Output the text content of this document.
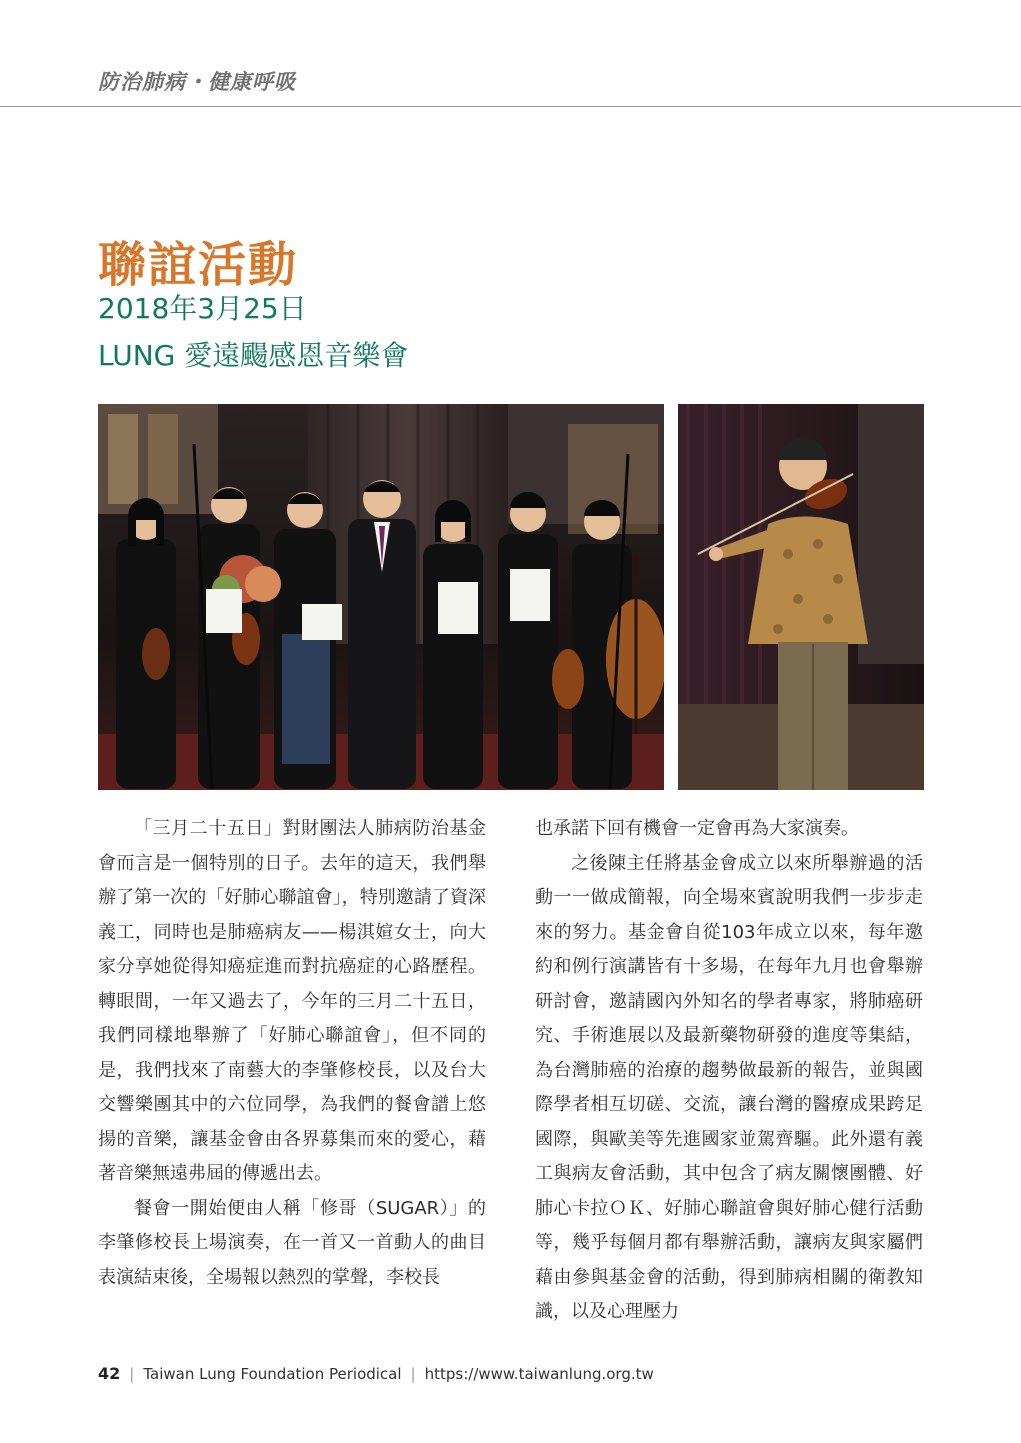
防治肺病・健康呼吸
聯誼活動
2018年3月25日
LUNG 愛遠颺感恩音樂會

「三月二十五日」對財團法人肺病防治基金會而言是一個特別的日子。去年的這天，我們舉辦了第一次的「好肺心聯誼會」，特別邀請了資深義工，同時也是肺癌病友——楊淇媗女士，向大家分享她從得知癌症進而對抗癌症的心路歷程。轉眼間，一年又過去了，今年的三月二十五日，我們同樣地舉辦了「好肺心聯誼會」，但不同的是，我們找來了南藝大的李肇修校長，以及台大交響樂團其中的六位同學，為我們的餐會譜上悠揚的音樂，讓基金會由各界募集而來的愛心，藉著音樂無遠弗屆的傳遞出去。

餐會一開始便由人稱「修哥（SUGAR）」的李肇修校長上場演奏，在一首又一首動人的曲目表演結束後，全場報以熱烈的掌聲，李校長

也承諾下回有機會一定會再為大家演奏。

之後陳主任將基金會成立以來所舉辦過的活動一一做成簡報，向全場來賓說明我們一步步走來的努力。基金會自從103年成立以來，每年邀約和例行演講皆有十多場，在每年九月也會舉辦研討會，邀請國內外知名的學者專家，將肺癌研究、手術進展以及最新藥物研發的進度等集結，為台灣肺癌的治療的趨勢做最新的報告，並與國際學者相互切磋、交流，讓台灣的醫療成果跨足國際，與歐美等先進國家並駕齊驅。此外還有義工與病友會活動，其中包含了病友關懷團體、好肺心卡拉ＯＫ、好肺心聯誼會與好肺心健行活動等，幾乎每個月都有舉辦活動，讓病友與家屬們藉由參與基金會的活動，得到肺病相關的衛教知識，以及心理壓力

42 | Taiwan Lung Foundation Periodical | https://www.taiwanlung.org.tw
